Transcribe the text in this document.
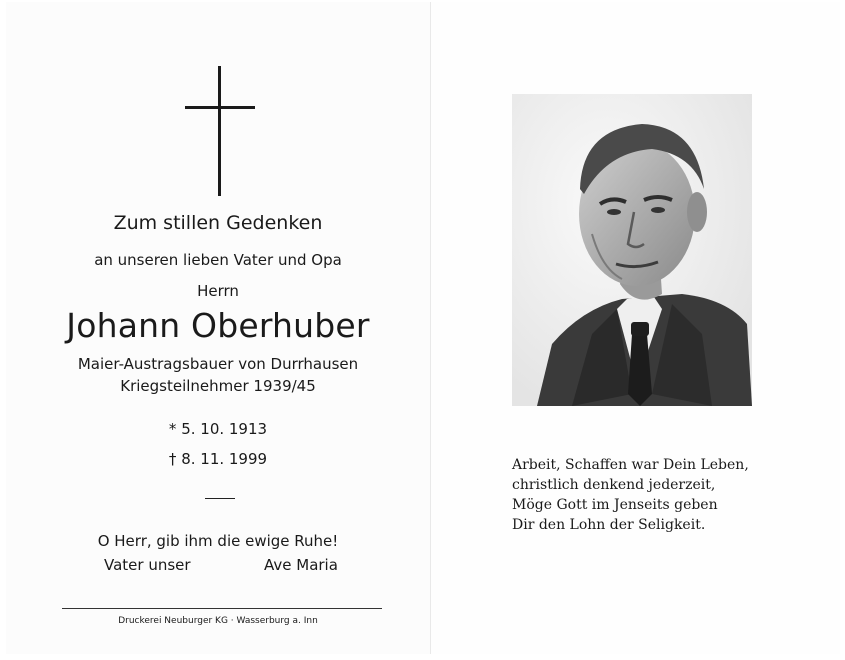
Zum stillen Gedenken
an unseren lieben Vater und Opa
Herrn
Johann Oberhuber
Maier-Austragsbauer von Durrhausen
Kriegsteilnehmer 1939/45
* 5. 10. 1913
† 8. 11. 1999
O Herr, gib ihm die ewige Ruhe!
Vater unser	Ave Maria
Druckerei Neuburger KG · Wasserburg a. Inn
Arbeit, Schaffen war Dein Leben,
christlich denkend jederzeit,
Möge Gott im Jenseits geben
Dir den Lohn der Seligkeit.
